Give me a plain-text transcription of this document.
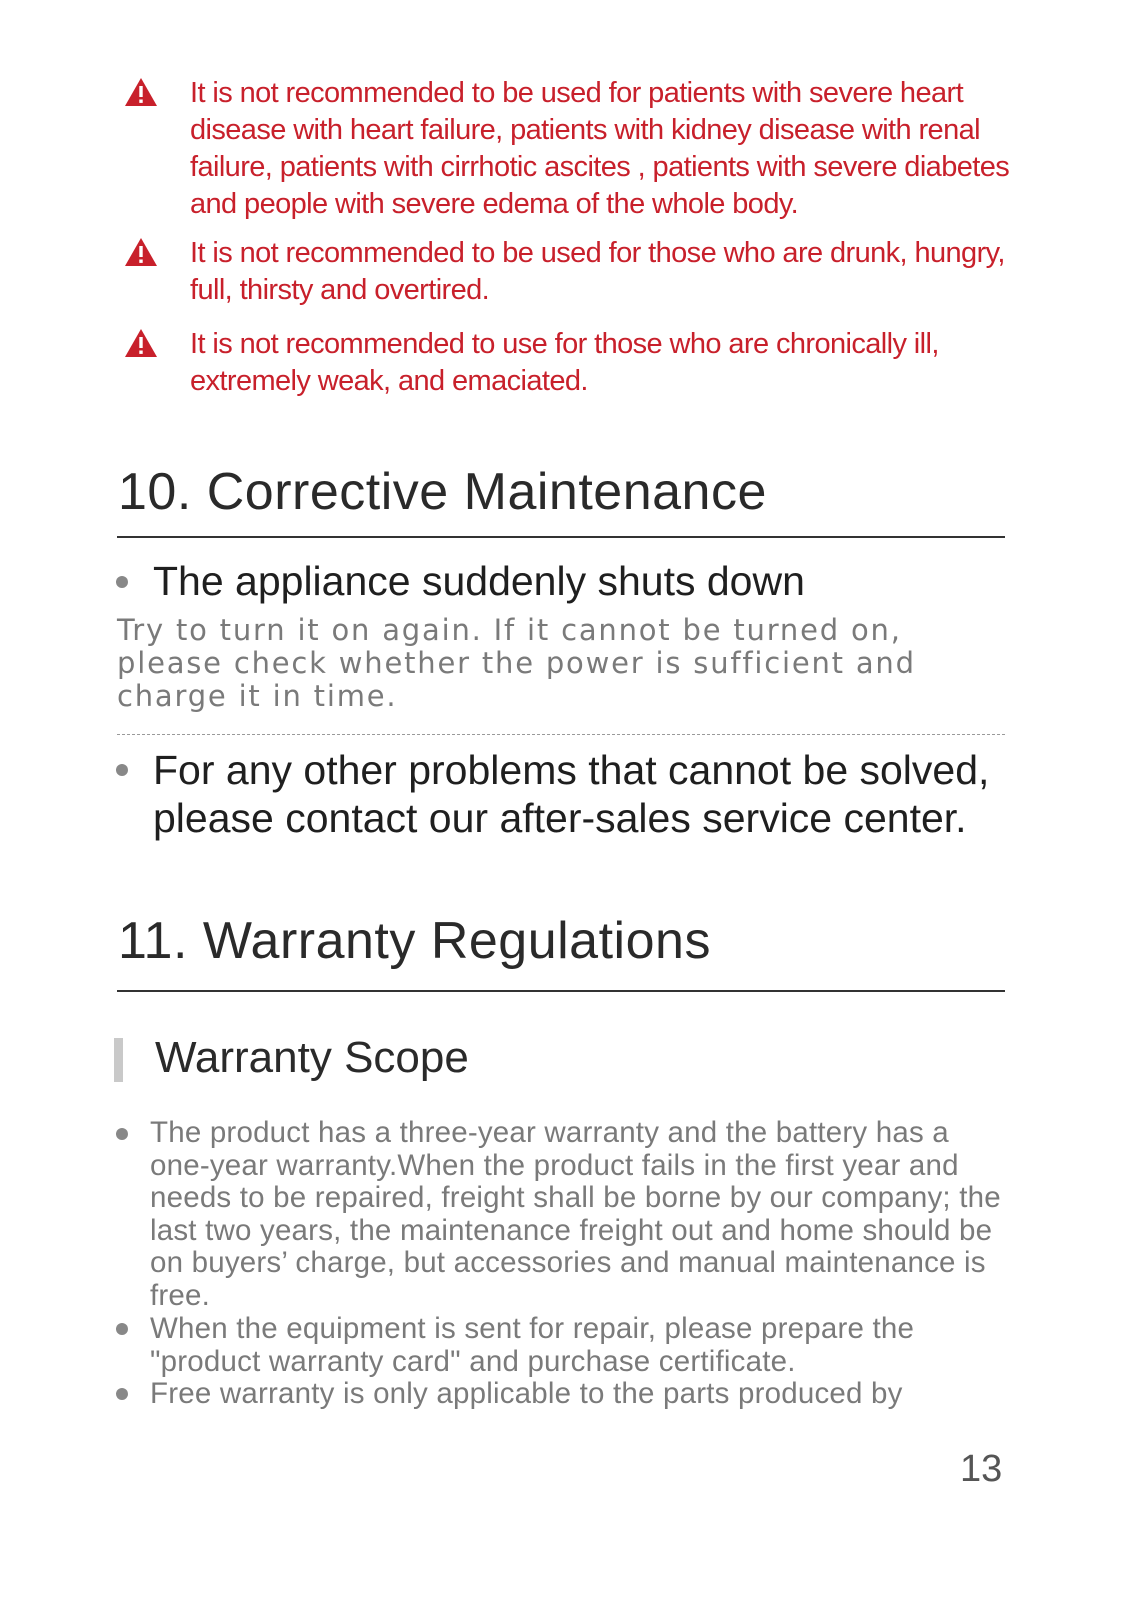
It is not recommended to be used for patients with severe heart disease with heart failure, patients with kidney disease with renal failure, patients with cirrhotic ascites , patients with severe diabetes and people with severe edema of the whole body.
It is not recommended to be used for those who are drunk, hungry, full, thirsty and overtired.
It is not recommended to use for those who are chronically ill, extremely weak, and emaciated.
10. Corrective Maintenance
The appliance suddenly shuts down
Try to turn it on again. If it cannot be turned on, please check whether the power is sufficient and charge it in time.
For any other problems that cannot be solved, please contact our after-sales service center.
11. Warranty Regulations
Warranty Scope
The product has a three-year warranty and the battery has a one-year warranty.When the product fails in the first year and needs to be repaired, freight shall be borne by our company; the last two years, the maintenance freight out and home should be on buyers’ charge, but accessories and manual maintenance is free.
When the equipment is sent for repair, please prepare the "product warranty card" and purchase certificate.
Free warranty is only applicable to the parts produced by
13
